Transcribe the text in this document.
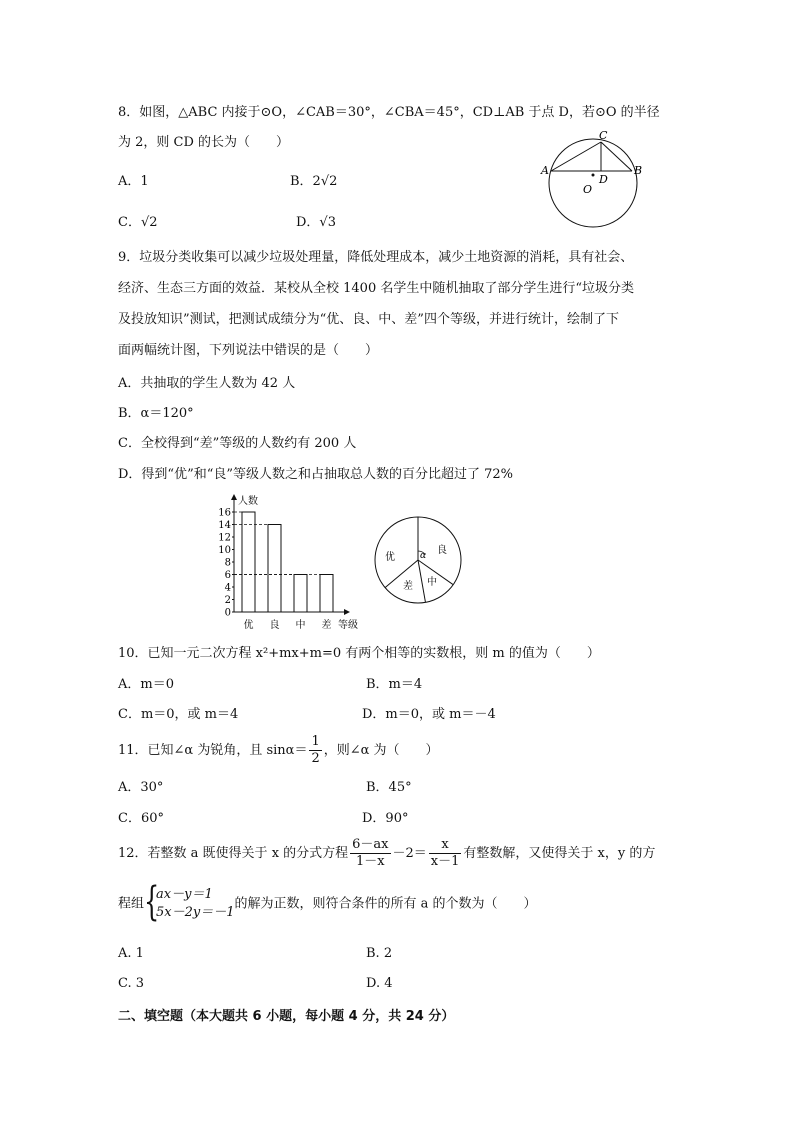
8．如图，△ABC 内接于⊙O，∠CAB＝30°，∠CBA＝45°，CD⊥AB 于点 D，若⊙O 的半径
为 2，则 CD 的长为（　　）
A．1	B．2√2
C．√2	D．√3
A	B
C
D
O
9．垃圾分类收集可以减少垃圾处理量，降低处理成本，减少土地资源的消耗，具有社会、
经济、生态三方面的效益．某校从全校 1400 名学生中随机抽取了部分学生进行“垃圾分类
及投放知识”测试，把测试成绩分为“优、良、中、差”四个等级，并进行统计，绘制了下
面两幅统计图，下列说法中错误的是（　　）
A．共抽取的学生人数为 42 人
B．α＝120°
C．全校得到“差”等级的人数约有 200 人
D．得到“优”和“良”等级人数之和占抽取总人数的百分比超过了 72%
人数
等级
0
2
4
6
8
10
12
14
16
优 良 中 差
α
优
良
中
差
10．已知一元二次方程 x²+mx+m=0 有两个相等的实数根，则 m 的值为（　　）
A．m＝0	B．m＝4
C．m＝0，或 m＝4	D．m＝0，或 m＝－4
11．已知∠α 为锐角，且 $\sin\alpha= \frac{1}{2}$ ，则∠α 为（　　）
A．30°	B．45°
C．60°	D．90°
12．若整数 a 既使得关于 x 的分式方程 $\frac{6-ax}{1-x} -2= \frac{x}{x-1}$ 有整数解，又使得关于 x，y 的方
程组 {
ax－y＝1
5x－2y＝－1
的解为正数，则符合条件的所有 a 的个数为（　　）
A. 1	B. 2
C. 3	D. 4
二、填空题（本大题共 6 小题，每小题 4 分，共 24 分）
